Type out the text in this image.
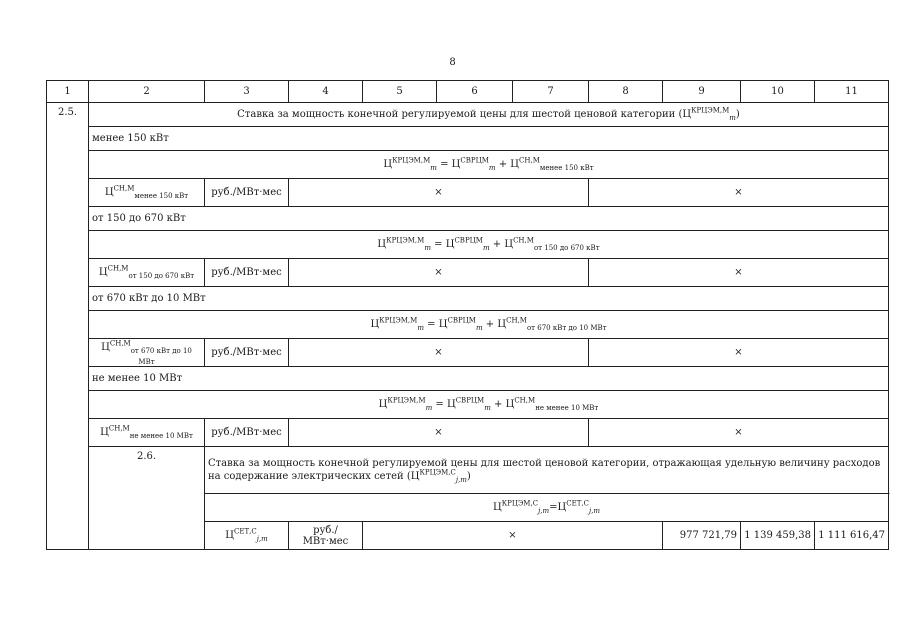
8
1	2	3	4	5	6	7	8	9	10	11	
2.5.	Ставка за мощность конечной регулируемой цены для шестой ценовой категории $(Ц^{КРЦЭМ,М}_m)$										
	менее 150 кВт										
	$Ц^{КРЦЭМ,М}_m = Ц^{СВРЦМ}_m + Ц^{СН,М}_{менее 150 кВт}$
	$Ц^{СН,М}_{менее 150 кВт}$	руб./МВт·мес	×				×				
	от 150 до 670 кВт										
	$Ц^{КРЦЭМ,М}_m = Ц^{СВРЦМ}_m + Ц^{СН,М}_{от 150 до 670 кВт}$
	$Ц^{СН,М}_{от 150 до 670 кВт}$	руб./МВт·мес	×				×				
	от 670 кВт до 10 МВт										
	$Ц^{КРЦЭМ,М}_m = Ц^{СВРЦМ}_m + Ц^{СН,М}_{от 670 кВт до 10 МВт}$
	$Ц^{СН,М}_{от 670 кВт до 10 МВт}$	руб./МВт·мес	×				×				
	не менее 10 МВт										
	$Ц^{КРЦЭМ,М}_m = Ц^{СВРЦМ}_m + Ц^{СН,М}_{не менее 10 МВт}$
	$Ц^{СН,М}_{не менее 10 МВт}$	руб./МВт·мес	×				×				
	2.6.	Ставка за мощность конечной регулируемой цены для шестой ценовой категории, отражающая удельную величину расходов на содержание электрических сетей $(Ц^{КРЦЭМ,С}_{j,m})$									
		$Ц^{КРЦЭМ,С}_{j,m}=Ц^{СЕТ,С}_{j,m}$
		$Ц^{СЕТ,С}_{j,m}$	руб./МВт·мес	×				977 721,79	1 139 459,38	1 111 616,47	
